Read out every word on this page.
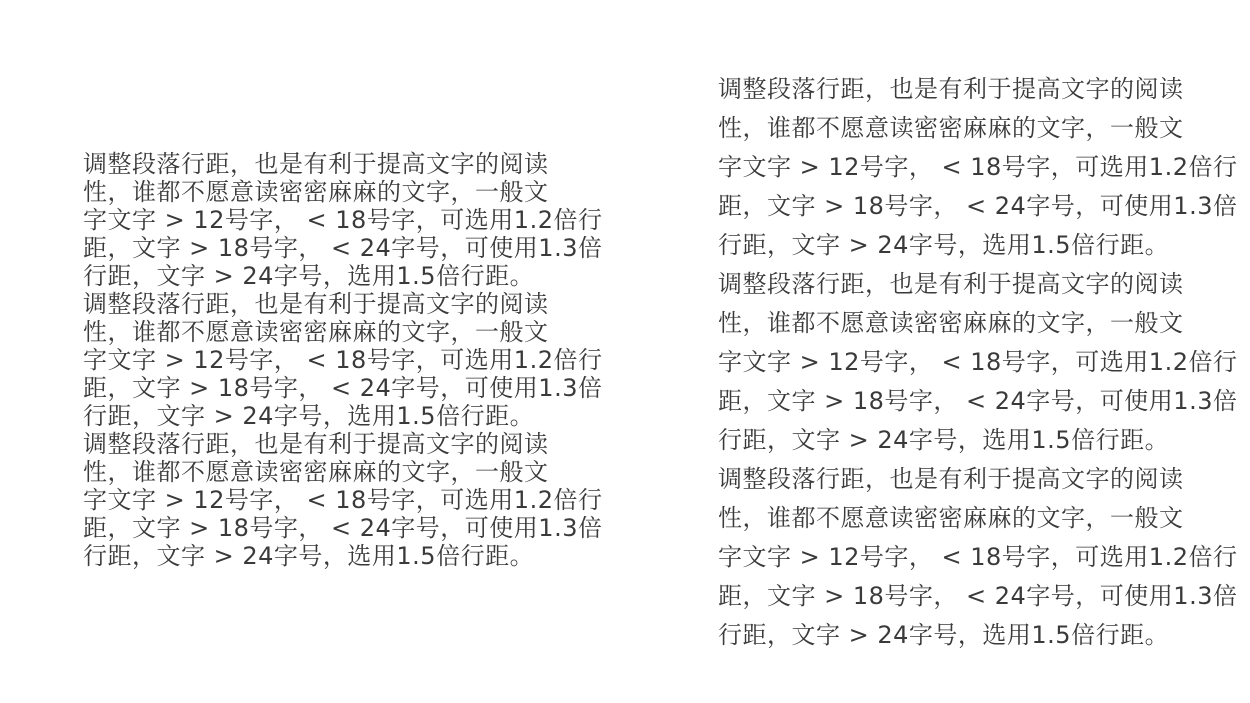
调整段落行距，也是有利于提高文字的阅读
性，谁都不愿意读密密麻麻的文字，一般文
字文字 > 12号字， < 18号字，可选用1.2倍行
距，文字 > 18号字， < 24字号，可使用1.3倍
行距，文字 > 24字号，选用1.5倍行距。

调整段落行距，也是有利于提高文字的阅读
性，谁都不愿意读密密麻麻的文字，一般文
字文字 > 12号字， < 18号字，可选用1.2倍行
距，文字 > 18号字， < 24字号，可使用1.3倍
行距，文字 > 24字号，选用1.5倍行距。

调整段落行距，也是有利于提高文字的阅读
性，谁都不愿意读密密麻麻的文字，一般文
字文字 > 12号字， < 18号字，可选用1.2倍行
距，文字 > 18号字， < 24字号，可使用1.3倍
行距，文字 > 24字号，选用1.5倍行距。

调整段落行距，也是有利于提高文字的阅读
性，谁都不愿意读密密麻麻的文字，一般文
字文字 > 12号字， < 18号字，可选用1.2倍行
距，文字 > 18号字， < 24字号，可使用1.3倍
行距，文字 > 24字号，选用1.5倍行距。

调整段落行距，也是有利于提高文字的阅读
性，谁都不愿意读密密麻麻的文字，一般文
字文字 > 12号字， < 18号字，可选用1.2倍行
距，文字 > 18号字， < 24字号，可使用1.3倍
行距，文字 > 24字号，选用1.5倍行距。

调整段落行距，也是有利于提高文字的阅读
性，谁都不愿意读密密麻麻的文字，一般文
字文字 > 12号字， < 18号字，可选用1.2倍行
距，文字 > 18号字， < 24字号，可使用1.3倍
行距，文字 > 24字号，选用1.5倍行距。
